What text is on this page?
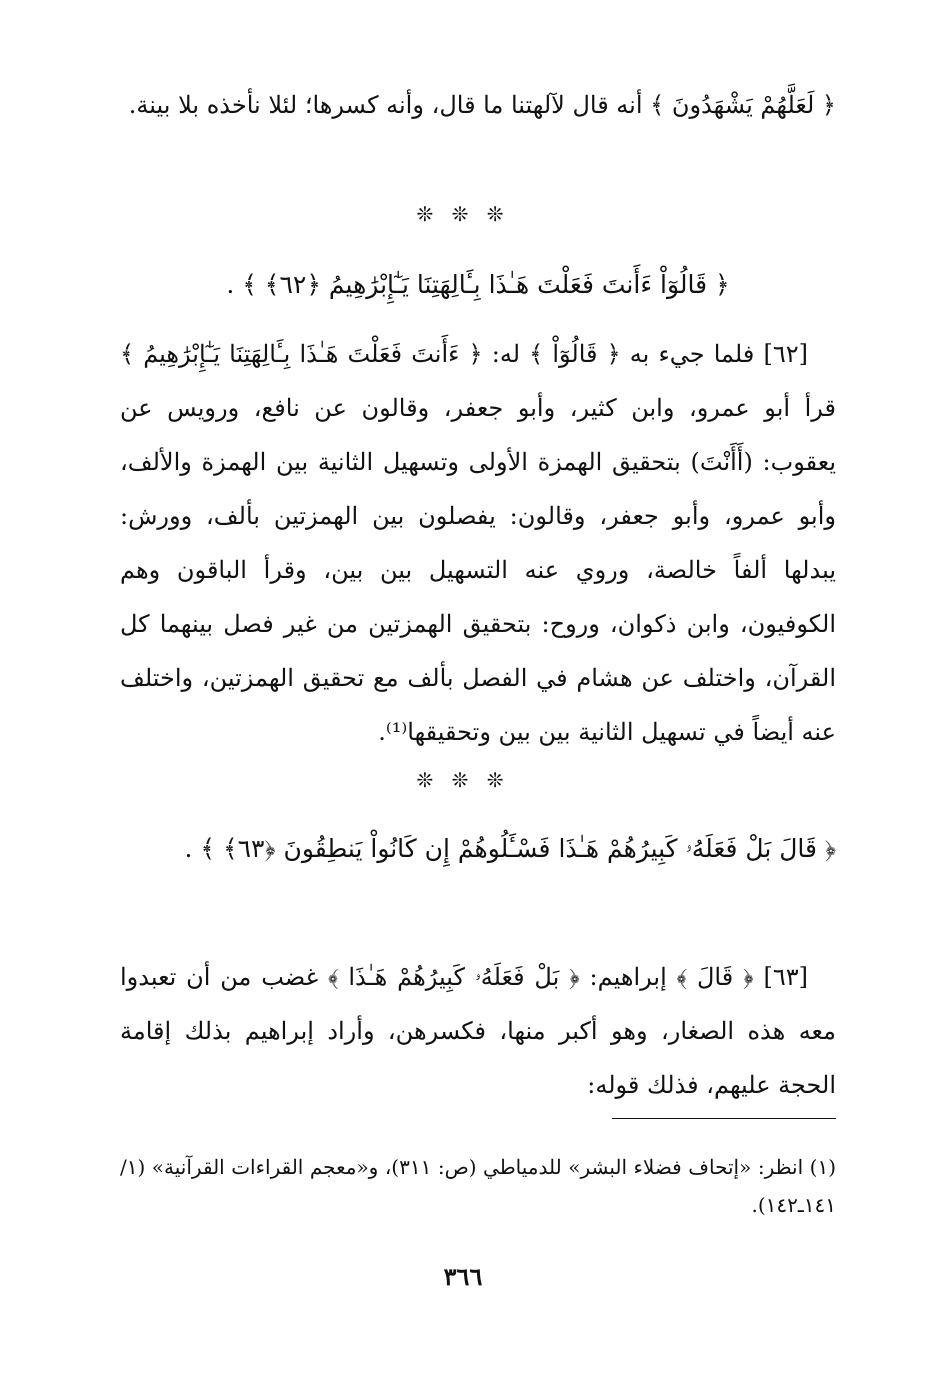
﴿ لَعَلَّهُمْ يَشْهَدُونَ ﴾ أنه قال لآلهتنا ما قال، وأنه كسرها؛ لئلا نأخذه بلا بينة.

❊ ❊ ❊

﴿ قَالُوٓاْ ءَأَنتَ فَعَلْتَ هَـٰذَا بِـَٔالِهَتِنَا يَـٰٓإِبْرَٰهِيمُ ﴿٦٢﴾ ﴾ .

[٦٢] فلما جيء به ﴿ قَالُوٓاْ ﴾ له: ﴿ ءَأَنتَ فَعَلْتَ هَـٰذَا بِـَٔالِهَتِنَا يَـٰٓإِبْرَٰهِيمُ ﴾ قرأ أبو عمرو، وابن كثير، وأبو جعفر، وقالون عن نافع، ورويس عن يعقوب: (أَأَنْتَ) بتحقيق الهمزة الأولى وتسهيل الثانية بين الهمزة والألف، وأبو عمرو، وأبو جعفر، وقالون: يفصلون بين الهمزتين بألف، وورش: يبدلها ألفاً خالصة، وروي عنه التسهيل بين بين، وقرأ الباقون وهم الكوفيون، وابن ذكوان، وروح: بتحقيق الهمزتين من غير فصل بينهما كل القرآن، واختلف عن هشام في الفصل بألف مع تحقيق الهمزتين، واختلف عنه أيضاً في تسهيل الثانية بين بين وتحقيقها⁽¹⁾.

❊ ❊ ❊

﴿ قَالَ بَلْ فَعَلَهُۥ كَبِيرُهُمْ هَـٰذَا فَسْـَٔلُوهُمْ إِن كَانُواْ يَنطِقُونَ ﴿٦٣﴾ ﴾ .

[٦٣] ﴿ قَالَ ﴾ إبراهيم: ﴿ بَلْ فَعَلَهُۥ كَبِيرُهُمْ هَـٰذَا ﴾ غضب من أن تعبدوا معه هذه الصغار، وهو أكبر منها، فكسرهن، وأراد إبراهيم بذلك إقامة الحجة عليهم، فذلك قوله:

(١) انظر: «إتحاف فضلاء البشر» للدمياطي (ص: ٣١١)، و«معجم القراءات القرآنية» (١/ ١٤١ـ١٤٢).

٣٦٦
